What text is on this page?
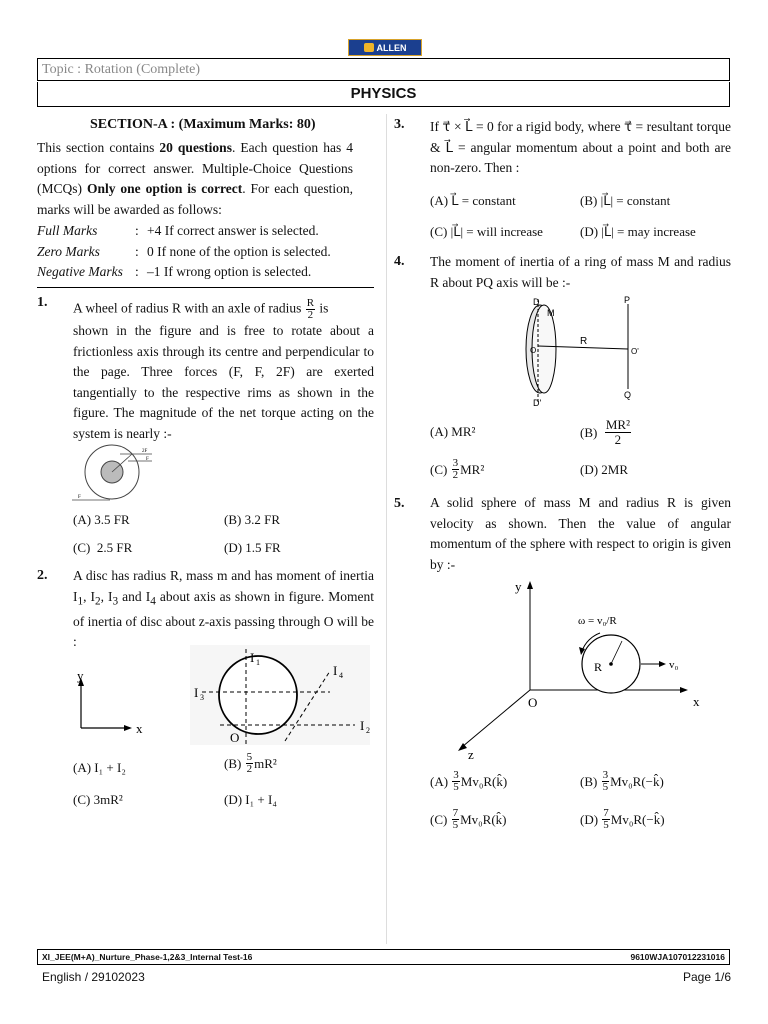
ALLEN
Topic : Rotation (Complete)
PHYSICS
SECTION-A : (Maximum Marks: 80)
This section contains 20 questions. Each question has 4 options for correct answer. Multiple-Choice Questions (MCQs) Only one option is correct. For each question, marks will be awarded as follows:
Full Marks	: +4 If correct answer is selected.
Zero Marks	: 0 If none of the option is selected.
Negative Marks : –1 If wrong option is selected.
1. A wheel of radius R with an axle of radius $\frac{R}{2}$ is
shown in the figure and is free to rotate about a frictionless axis through its centre and perpendicular to the page. Three forces (F, F, 2F) are exerted tangentially to the respective rims as shown in the figure. The magnitude of the net torque acting on the system is nearly :-
2F
F
F
(A) 3.5 FR	(B) 3.2 FR
(C) 2.5 FR	(D) 1.5 FR
2. A disc has radius R, mass m and has moment of inertia $I_1$, $I_2$, $I_3$ and $I_4$ about axis as shown in figure. Moment of inertia of disc about z-axis passing through O will be :
y
x
I 1
I 3
I 4
I 2
O
(A) I₁ + I₂	(B)
$\frac{5}{2} mR^2$
(C) 3mR²	(D) I₁ + I₄
3. If τ⃗ × L⃗ = 0 for a rigid body, where τ⃗ = resultant torque & L⃗ = angular momentum about a point and both are non-zero. Then :
(A) L⃗ = constant	(B) |L⃗| = constant
(C) |L⃗| = will increase	(D) |L⃗| = may increase
4. The moment of inertia of a ring of mass M and radius R about PQ axis will be :-
D
M
O
R
O'
D'
P
Q
(A) MR²	(B)
$\frac{\text{MR²}}{2}$
(C)
$\frac{3}{2} MR^2$	(D) 2MR
5. A solid sphere of mass M and radius R is given velocity as shown. Then the value of angular momentum of the sphere with respect to origin is given by :-
y
x
z
O
R
ω = v₀/R
v₀
(A)
$\frac{3}{5}$ Mv₀R(k̂)	(B)
$\frac{3}{5}$ Mv₀R(−k̂)
(C)
$\frac{7}{5}$ Mv₀R(k̂)	(D)
$\frac{7}{5}$ Mv₀R(−k̂)
XI_JEE(M+A)_Nurture_Phase-1,2&3_Internal Test-16	9610WJA107012231016
English / 29102023	Page 1/6
